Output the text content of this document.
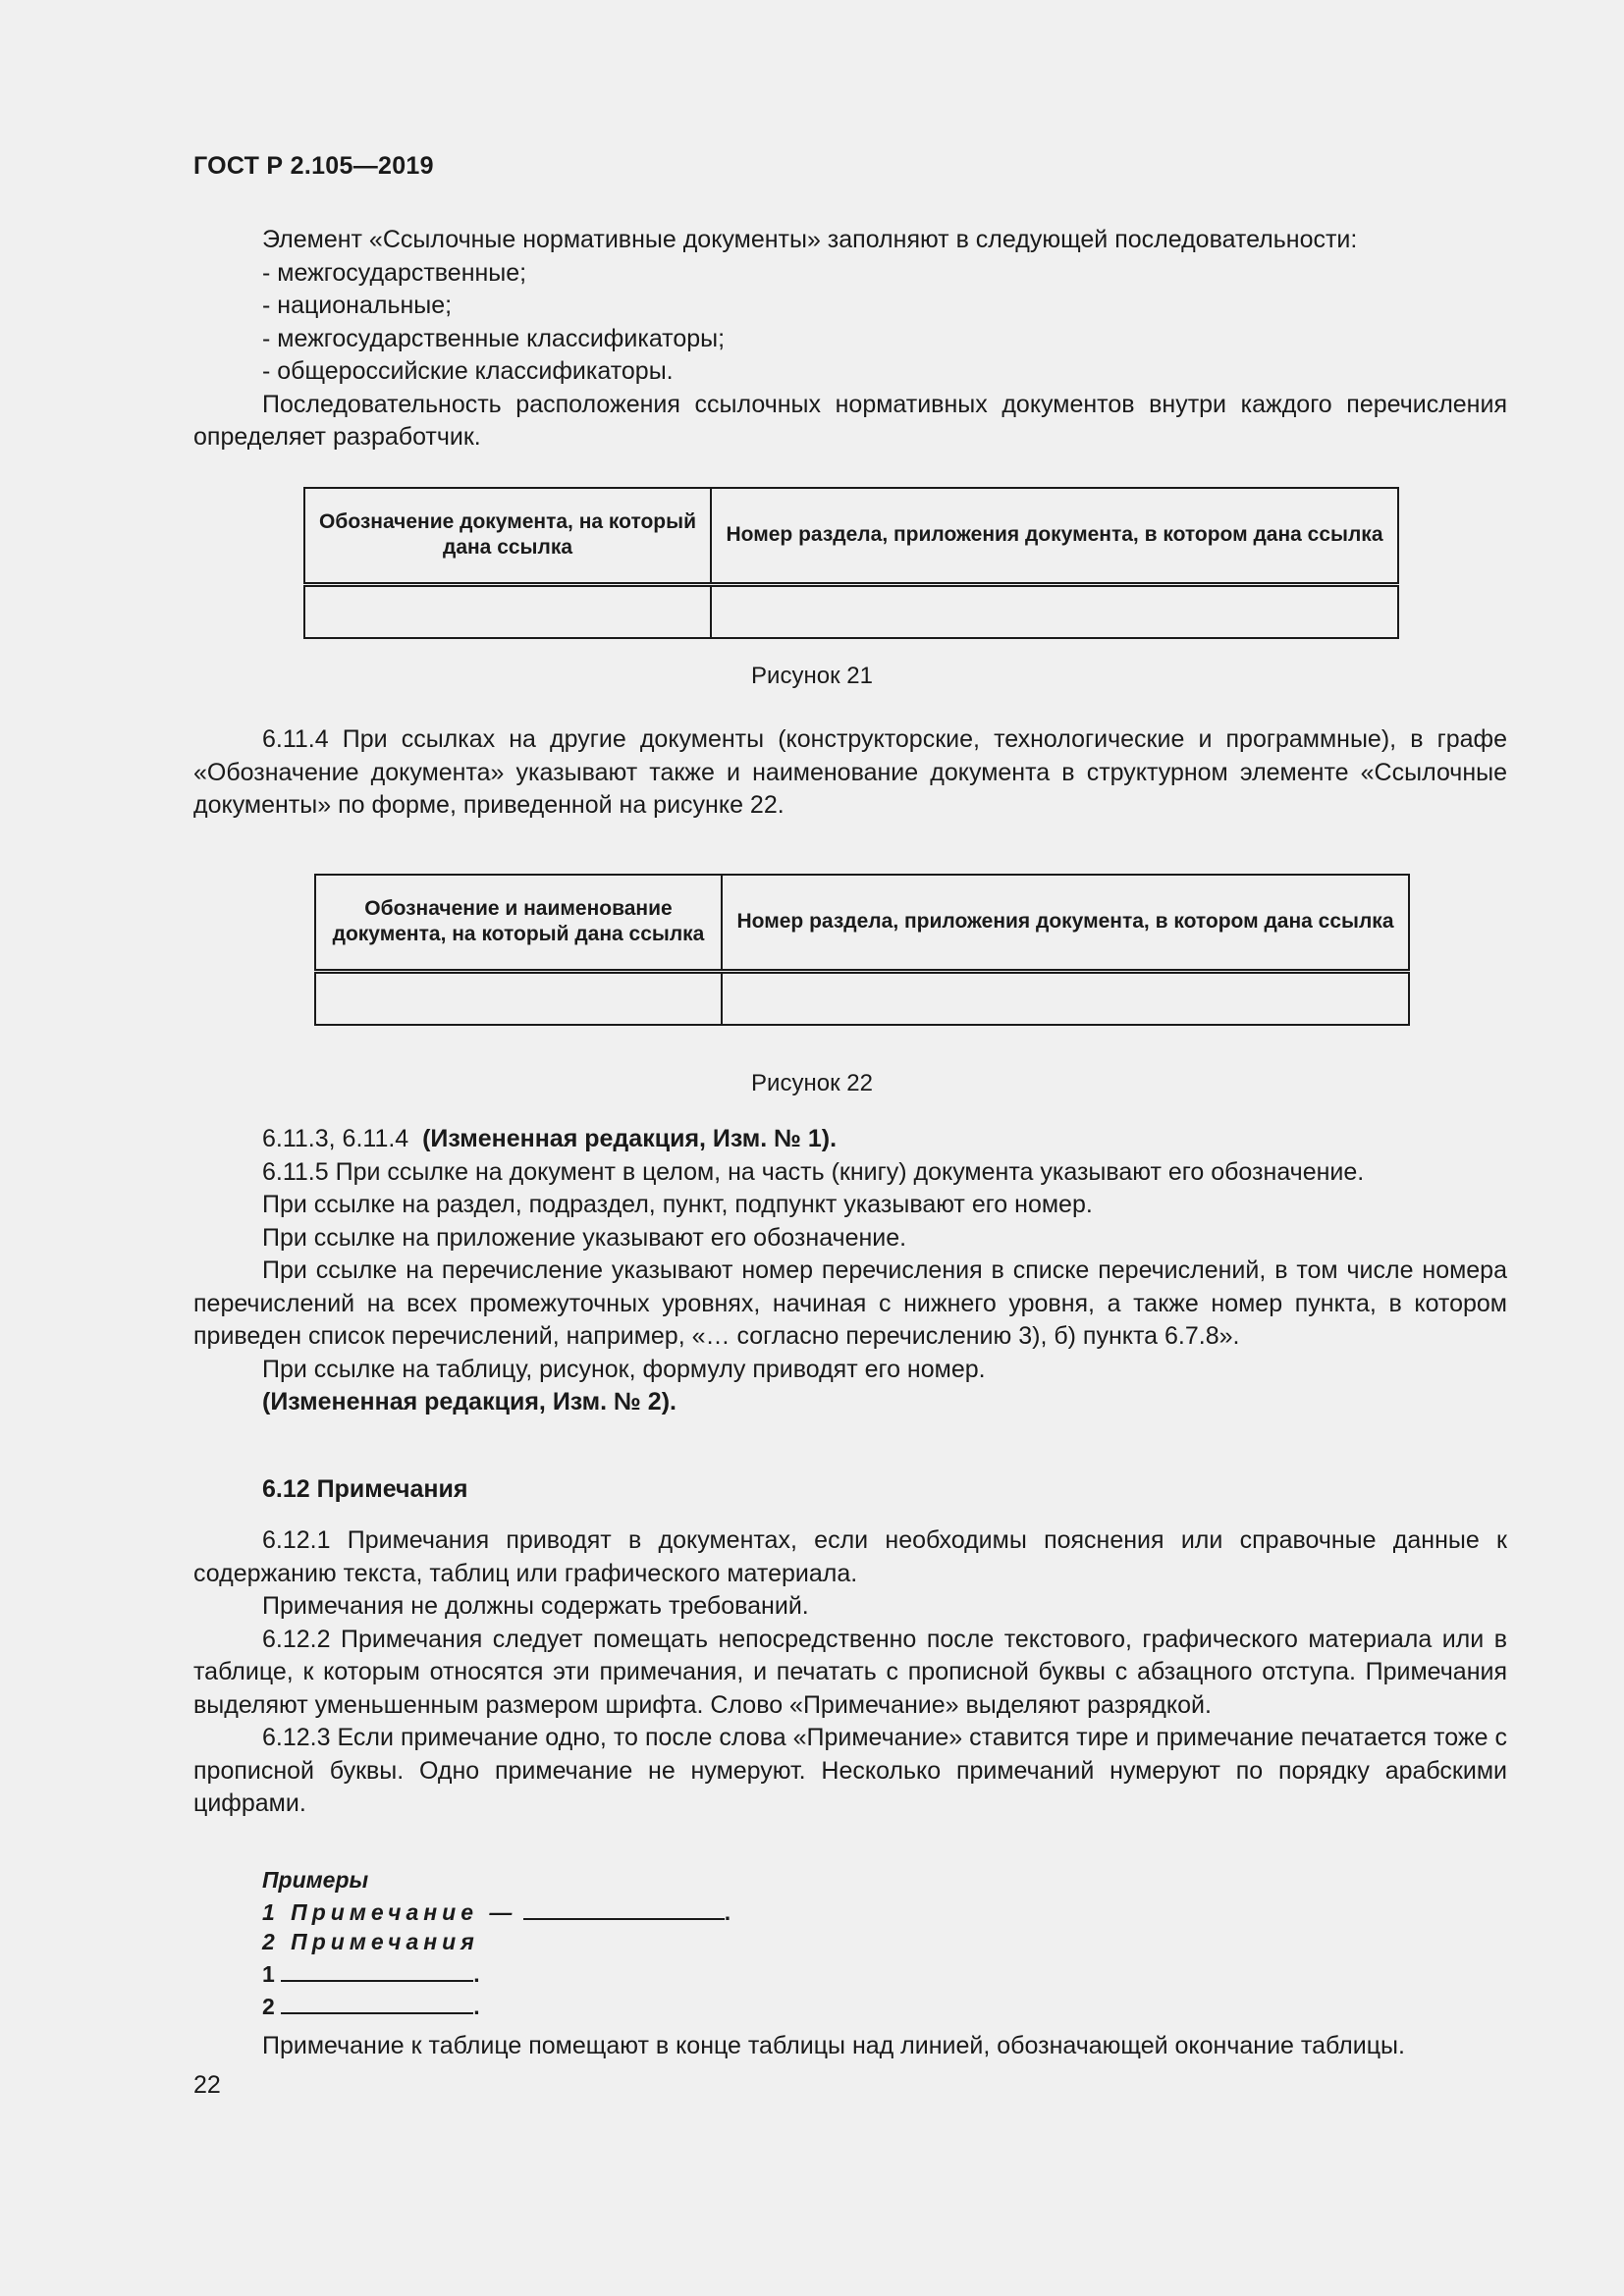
ГОСТ Р 2.105—2019

Элемент «Ссылочные нормативные документы» заполняют в следующей последовательности:

- межгосударственные;

- национальные;

- межгосударственные классификаторы;

- общероссийские классификаторы.

Последовательность расположения ссылочных нормативных документов внутри каждого перечисления определяет разработчик.

Обозначение документа, на который дана ссылка	Номер раздела, приложения документа, в котором дана ссылка

Рисунок 21

6.11.4 При ссылках на другие документы (конструкторские, технологические и программные), в графе «Обозначение документа» указывают также и наименование документа в структурном элементе «Ссылочные документы» по форме, приведенной на рисунке 22.

Обозначение и наименование документа, на который дана ссылка	Номер раздела, приложения документа, в котором дана ссылка

Рисунок 22

6.11.3, 6.11.4 (Измененная редакция, Изм. № 1).

6.11.5 При ссылке на документ в целом, на часть (книгу) документа указывают его обозначение.

При ссылке на раздел, подраздел, пункт, подпункт указывают его номер.

При ссылке на приложение указывают его обозначение.

При ссылке на перечисление указывают номер перечисления в списке перечислений, в том числе номера перечислений на всех промежуточных уровнях, начиная с нижнего уровня, а также номер пункта, в котором приведен список перечислений, например, «… согласно перечислению 3), б) пункта 6.7.8».

При ссылке на таблицу, рисунок, формулу приводят его номер.

(Измененная редакция, Изм. № 2).

6.12 Примечания

6.12.1 Примечания приводят в документах, если необходимы пояснения или справочные данные к содержанию текста, таблиц или графического материала.

Примечания не должны содержать требований.

6.12.2 Примечания следует помещать непосредственно после текстового, графического материала или в таблице, к которым относятся эти примечания, и печатать с прописной буквы с абзацного отступа. Примечания выделяют уменьшенным размером шрифта. Слово «Примечание» выделяют разрядкой.

6.12.3 Если примечание одно, то после слова «Примечание» ставится тире и примечание печатается тоже с прописной буквы. Одно примечание не нумеруют. Несколько примечаний нумеруют по порядку арабскими цифрами.

Примеры

1 Примечание —	.

2 Примечания

1	.

2	.

Примечание к таблице помещают в конце таблицы над линией, обозначающей окончание таблицы.

22
